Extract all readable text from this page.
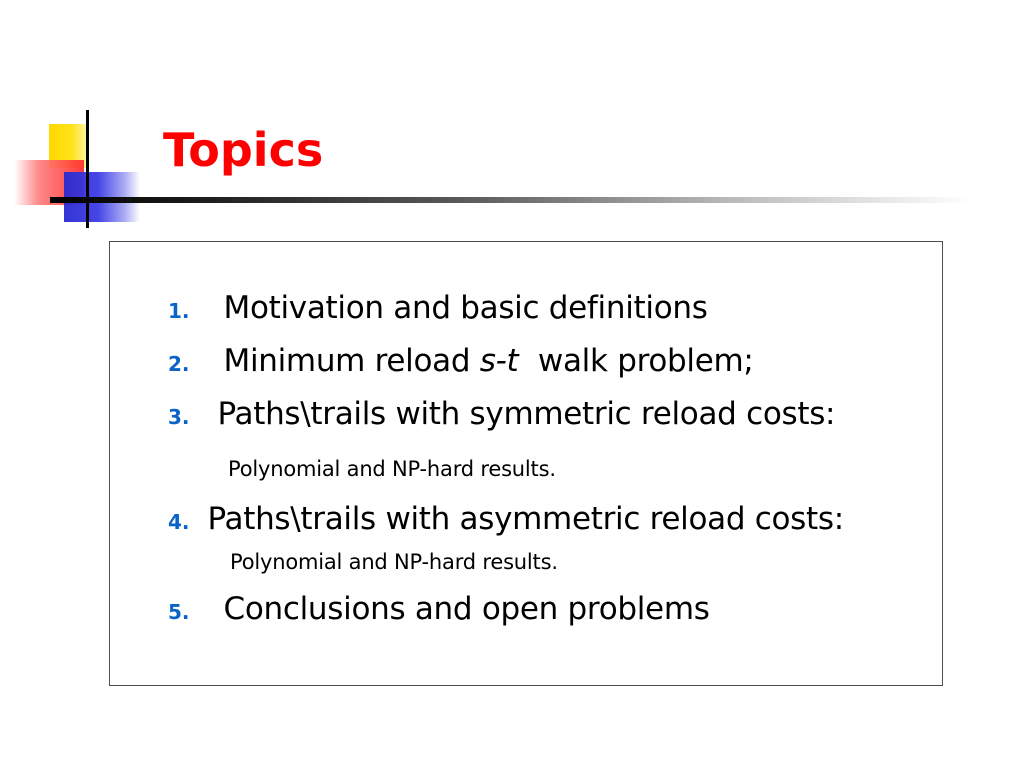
Topics
1. Motivation and basic definitions
2. Minimum reload s-t walk problem;
3. Paths\trails with symmetric reload costs:
Polynomial and NP-hard results.
4. Paths\trails with asymmetric reload costs:
Polynomial and NP-hard results.
5. Conclusions and open problems
